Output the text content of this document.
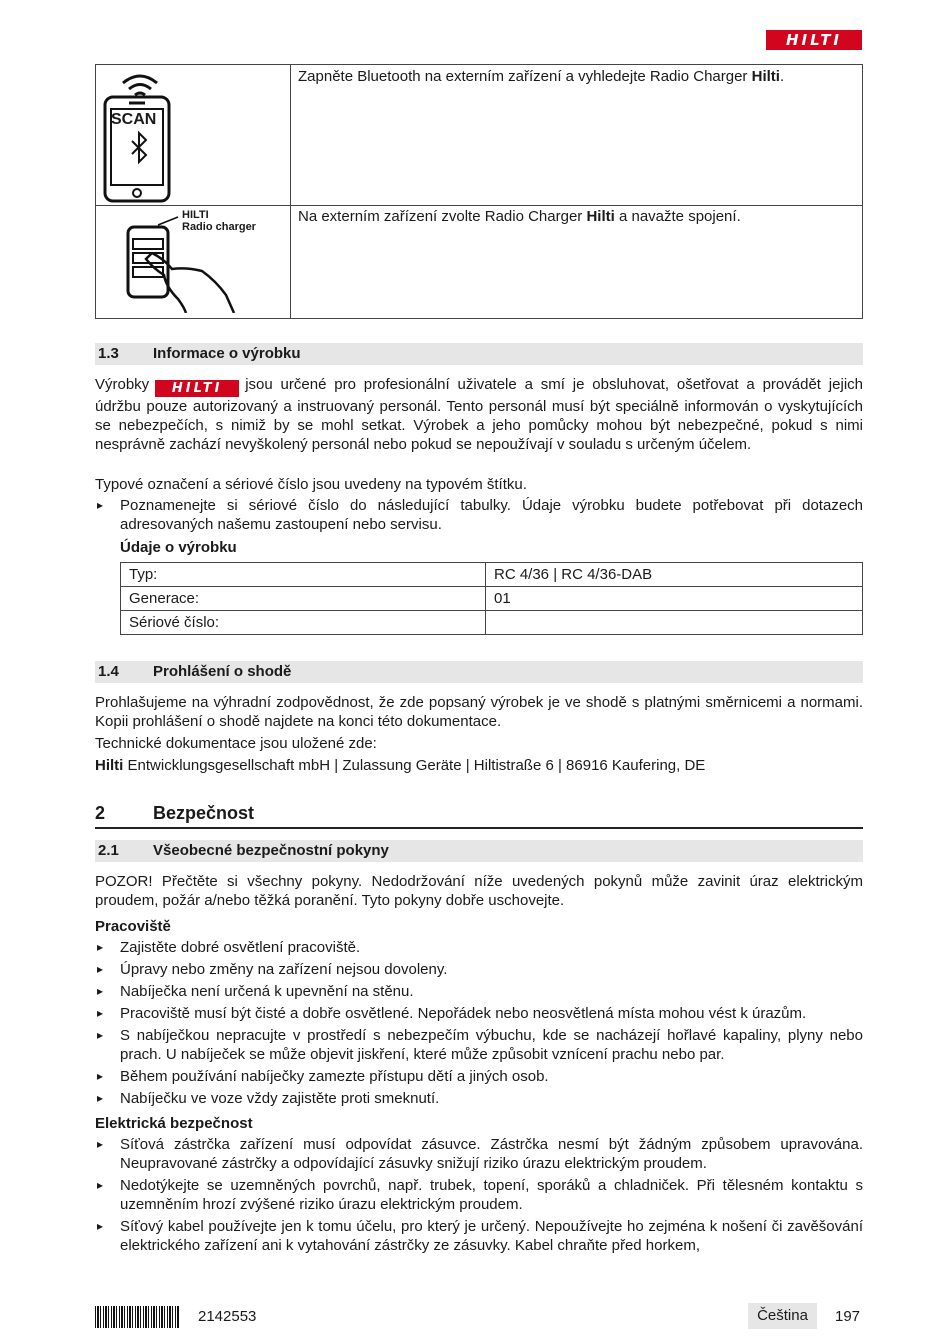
HILTI
SCAN
Zapněte Bluetooth na externím zařízení a vyhledejte Radio Charger Hilti.
HILTI
Radio charger
Na externím zařízení zvolte Radio Charger Hilti a navažte spojení.
1.3 Informace o výrobku
Výrobky HILTI jsou určené pro profesionální uživatele a smí je obsluhovat, ošetřovat a provádět jejich údržbu pouze autorizovaný a instruovaný personál. Tento personál musí být speciálně informován o vyskytujících se nebezpečích, s nimiž by se mohl setkat. Výrobek a jeho pomůcky mohou být nebezpečné, pokud s nimi nesprávně zachází nevyškolený personál nebo pokud se nepoužívají v souladu s určeným účelem.
Typové označení a sériové číslo jsou uvedeny na typovém štítku.
▸ Poznamenejte si sériové číslo do následující tabulky. Údaje výrobku budete potřebovat při dotazech adresovaných našemu zastoupení nebo servisu.
Údaje o výrobku
Typ:	RC 4/36 | RC 4/36-DAB
Generace:	01
Sériové číslo:	
1.4 Prohlášení o shodě
Prohlašujeme na výhradní zodpovědnost, že zde popsaný výrobek je ve shodě s platnými směrnicemi a normami. Kopii prohlášení o shodě najdete na konci této dokumentace.
Technické dokumentace jsou uložené zde:
Hilti Entwicklungsgesellschaft mbH | Zulassung Geräte | Hiltistraße 6 | 86916 Kaufering, DE
2	Bezpečnost
2.1 Všeobecné bezpečnostní pokyny
POZOR! Přečtěte si všechny pokyny. Nedodržování níže uvedených pokynů může zavinit úraz elektrickým proudem, požár a/nebo těžká poranění. Tyto pokyny dobře uschovejte.
Pracoviště
▸ Zajistěte dobré osvětlení pracoviště.
▸ Úpravy nebo změny na zařízení nejsou dovoleny.
▸ Nabíječka není určená k upevnění na stěnu.
▸ Pracoviště musí být čisté a dobře osvětlené. Nepořádek nebo neosvětlená místa mohou vést k úrazům.
▸ S nabíječkou nepracujte v prostředí s nebezpečím výbuchu, kde se nacházejí hořlavé kapaliny, plyny nebo prach. U nabíječek se může objevit jiskření, které může způsobit vznícení prachu nebo par.
▸ Během používání nabíječky zamezte přístupu dětí a jiných osob.
▸ Nabíječku ve voze vždy zajistěte proti smeknutí.
Elektrická bezpečnost
▸ Síťová zástrčka zařízení musí odpovídat zásuvce. Zástrčka nesmí být žádným způsobem upravována. Neupravované zástrčky a odpovídající zásuvky snižují riziko úrazu elektrickým proudem.
▸ Nedotýkejte se uzemněných povrchů, např. trubek, topení, sporáků a chladniček. Při tělesném kontaktu s uzemněním hrozí zvýšené riziko úrazu elektrickým proudem.
▸ Síťový kabel používejte jen k tomu účelu, pro který je určený. Nepoužívejte ho zejména k nošení či zavěšování elektrického zařízení ani k vytahování zástrčky ze zásuvky. Kabel chraňte před horkem,
2142553	Čeština	197
